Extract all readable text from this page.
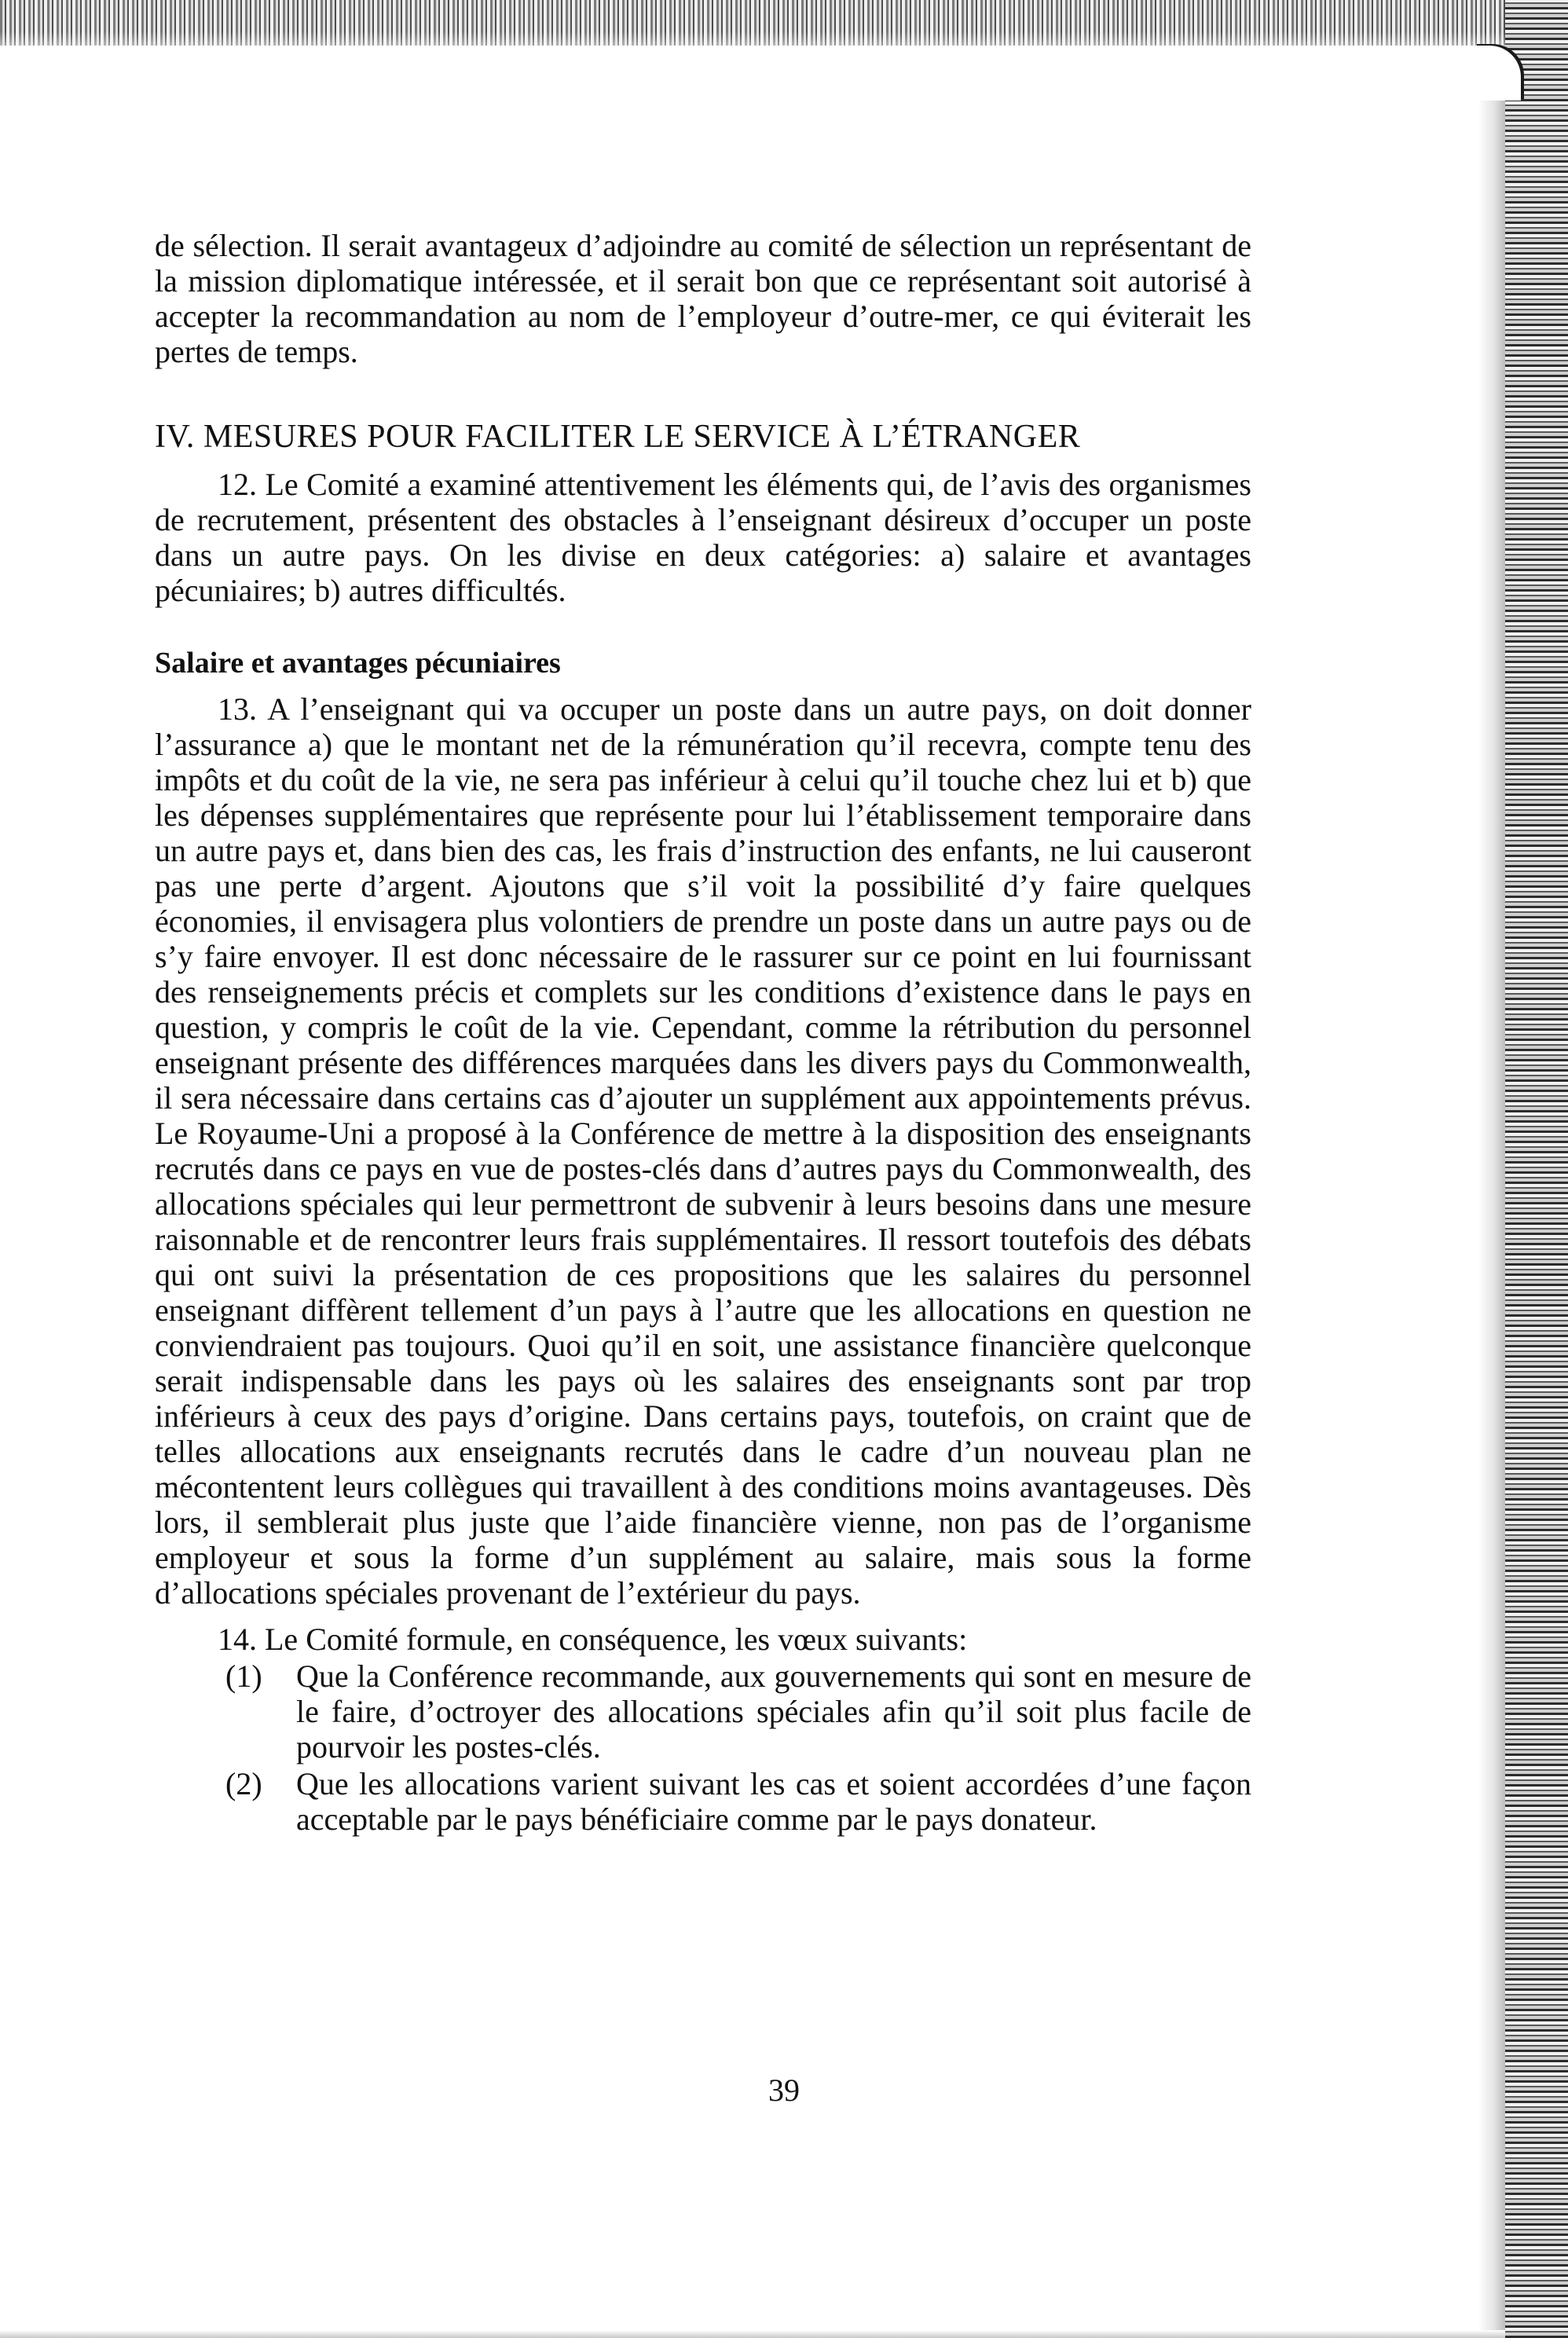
de sélection. Il serait avantageux d’adjoindre au comité de sélection un représentant de la mission diplomatique intéressée, et il serait bon que ce représentant soit autorisé à accepter la recommandation au nom de l’employeur d’outre-mer, ce qui éviterait les pertes de temps.

IV. MESURES POUR FACILITER LE SERVICE À L’ÉTRANGER

12. Le Comité a examiné attentivement les éléments qui, de l’avis des organismes de recrutement, présentent des obstacles à l’enseignant désireux d’occuper un poste dans un autre pays. On les divise en deux catégories: a) salaire et avantages pécuniaires; b) autres difficultés.

Salaire et avantages pécuniaires

13. A l’enseignant qui va occuper un poste dans un autre pays, on doit donner l’assurance a) que le montant net de la rémunération qu’il recevra, compte tenu des impôts et du coût de la vie, ne sera pas inférieur à celui qu’il touche chez lui et b) que les dépenses supplémentaires que représente pour lui l’établissement temporaire dans un autre pays et, dans bien des cas, les frais d’instruction des enfants, ne lui causeront pas une perte d’argent. Ajoutons que s’il voit la possibilité d’y faire quelques économies, il envisagera plus volontiers de prendre un poste dans un autre pays ou de s’y faire envoyer. Il est donc nécessaire de le rassurer sur ce point en lui fournissant des renseignements précis et complets sur les conditions d’existence dans le pays en question, y compris le coût de la vie. Cependant, comme la rétribution du personnel enseignant présente des différences marquées dans les divers pays du Commonwealth, il sera nécessaire dans certains cas d’ajouter un supplément aux appointements prévus. Le Royaume-Uni a proposé à la Conférence de mettre à la disposition des enseignants recrutés dans ce pays en vue de postes-clés dans d’autres pays du Commonwealth, des allocations spéciales qui leur permettront de subvenir à leurs besoins dans une mesure raisonnable et de rencontrer leurs frais supplémentaires. Il ressort toutefois des débats qui ont suivi la présentation de ces propositions que les salaires du personnel enseignant diffèrent tellement d’un pays à l’autre que les allocations en question ne conviendraient pas toujours. Quoi qu’il en soit, une assistance financière quelconque serait indispensable dans les pays où les salaires des enseignants sont par trop inférieurs à ceux des pays d’origine. Dans certains pays, toutefois, on craint que de telles allocations aux enseignants recrutés dans le cadre d’un nouveau plan ne mécontentent leurs collègues qui travaillent à des conditions moins avantageuses. Dès lors, il semblerait plus juste que l’aide financière vienne, non pas de l’organisme employeur et sous la forme d’un supplément au salaire, mais sous la forme d’allocations spéciales provenant de l’extérieur du pays.

14. Le Comité formule, en conséquence, les vœux suivants:

(1)	Que la Conférence recommande, aux gouvernements qui sont en mesure de le faire, d’octroyer des allocations spéciales afin qu’il soit plus facile de pourvoir les postes-clés.
(2)	Que les allocations varient suivant les cas et soient accordées d’une façon acceptable par le pays bénéficiaire comme par le pays donateur.
39
